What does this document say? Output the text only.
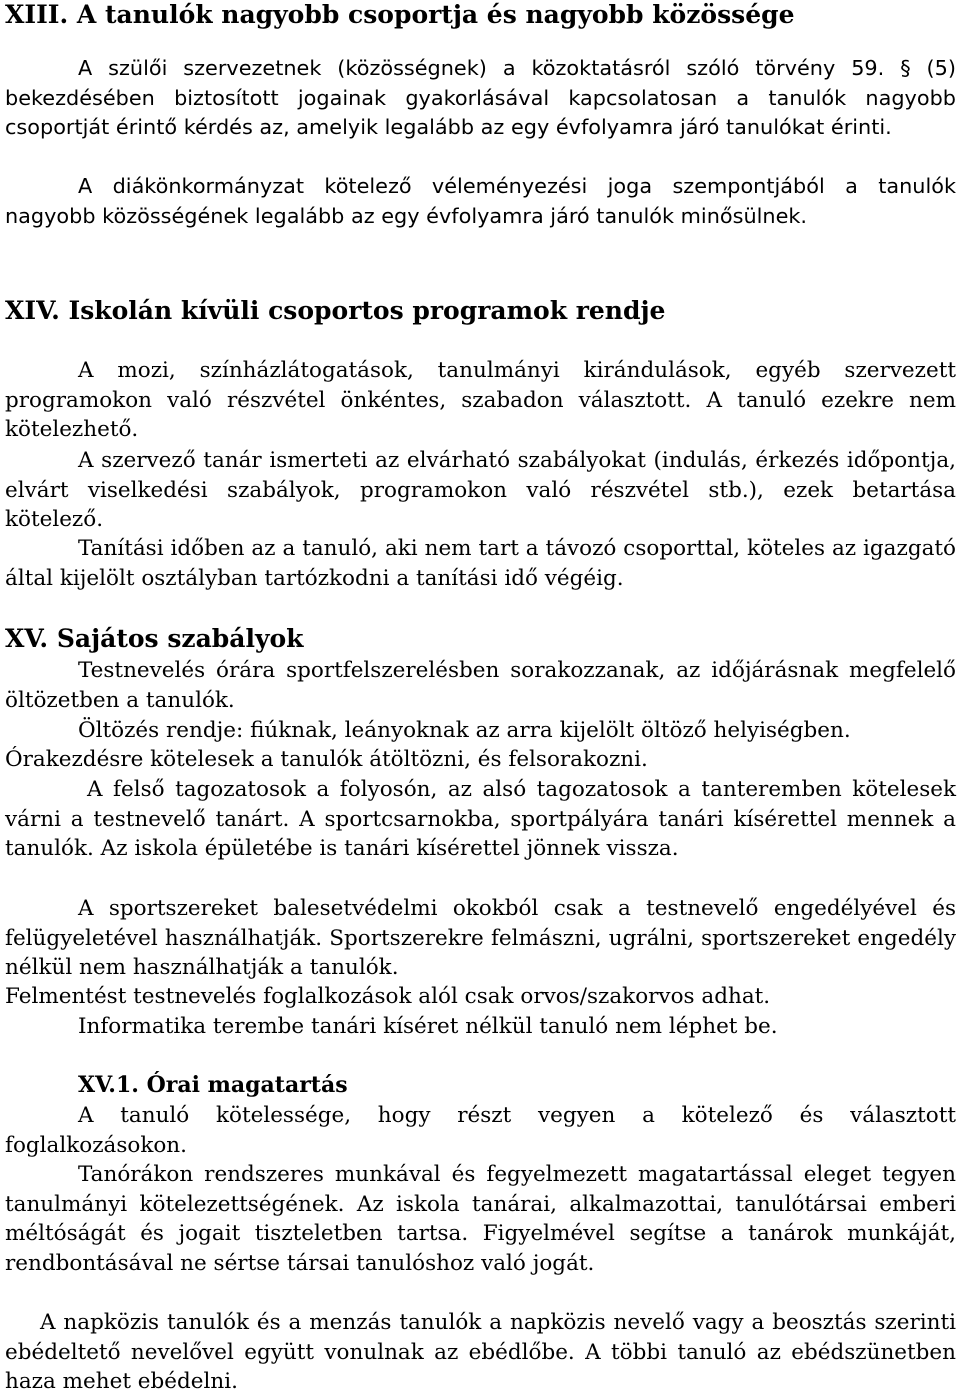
XIII. A tanulók nagyobb csoportja és nagyobb közössége

A szülői szervezetnek (közösségnek) a közoktatásról szóló törvény 59. § (5) bekezdésében biztosított jogainak gyakorlásával kapcsolatosan a tanulók nagyobb csoportját érintő kérdés az, amelyik legalább az egy évfolyamra járó tanulókat érinti.

A diákönkormányzat kötelező véleményezési joga szempontjából a tanulók nagyobb közösségének legalább az egy évfolyamra járó tanulók minősülnek.

XIV. Iskolán kívüli csoportos programok rendje

A mozi, színházlátogatások, tanulmányi kirándulások, egyéb szervezett programokon való részvétel önkéntes, szabadon választott. A tanuló ezekre nem kötelezhető.

A szervező tanár ismerteti az elvárható szabályokat (indulás, érkezés időpontja, elvárt viselkedési szabályok, programokon való részvétel stb.), ezek betartása kötelező.

Tanítási időben az a tanuló, aki nem tart a távozó csoporttal, köteles az igazgató által kijelölt osztályban tartózkodni a tanítási idő végéig.

XV. Sajátos szabályok

Testnevelés órára sportfelszerelésben sorakozzanak, az időjárásnak megfelelő öltözetben a tanulók.

Öltözés rendje: fiúknak, leányoknak az arra kijelölt öltöző helyiségben.

Órakezdésre kötelesek a tanulók átöltözni, és felsorakozni.

A felső tagozatosok a folyosón, az alsó tagozatosok a tanteremben kötelesek várni a testnevelő tanárt. A sportcsarnokba, sportpályára tanári kísérettel mennek a tanulók. Az iskola épületébe is tanári kísérettel jönnek vissza.

A sportszereket balesetvédelmi okokból csak a testnevelő engedélyével és felügyeletével használhatják. Sportszerekre felmászni, ugrálni, sportszereket engedély nélkül nem használhatják a tanulók.

Felmentést testnevelés foglalkozások alól csak orvos/szakorvos adhat.

Informatika terembe tanári kíséret nélkül tanuló nem léphet be.

XV.1. Órai magatartás

A tanuló kötelessége, hogy részt vegyen a kötelező és választott foglalkozásokon.

Tanórákon rendszeres munkával és fegyelmezett magatartással eleget tegyen tanulmányi kötelezettségének. Az iskola tanárai, alkalmazottai, tanulótársai emberi méltóságát és jogait tiszteletben tartsa. Figyelmével segítse a tanárok munkáját, rendbontásával ne sértse társai tanulóshoz való jogát.

A napközis tanulók és a menzás tanulók a napközis nevelő vagy a beosztás szerinti ebédeltető nevelővel együtt vonulnak az ebédlőbe. A többi tanuló az ebédszünetben haza mehet ebédelni.
